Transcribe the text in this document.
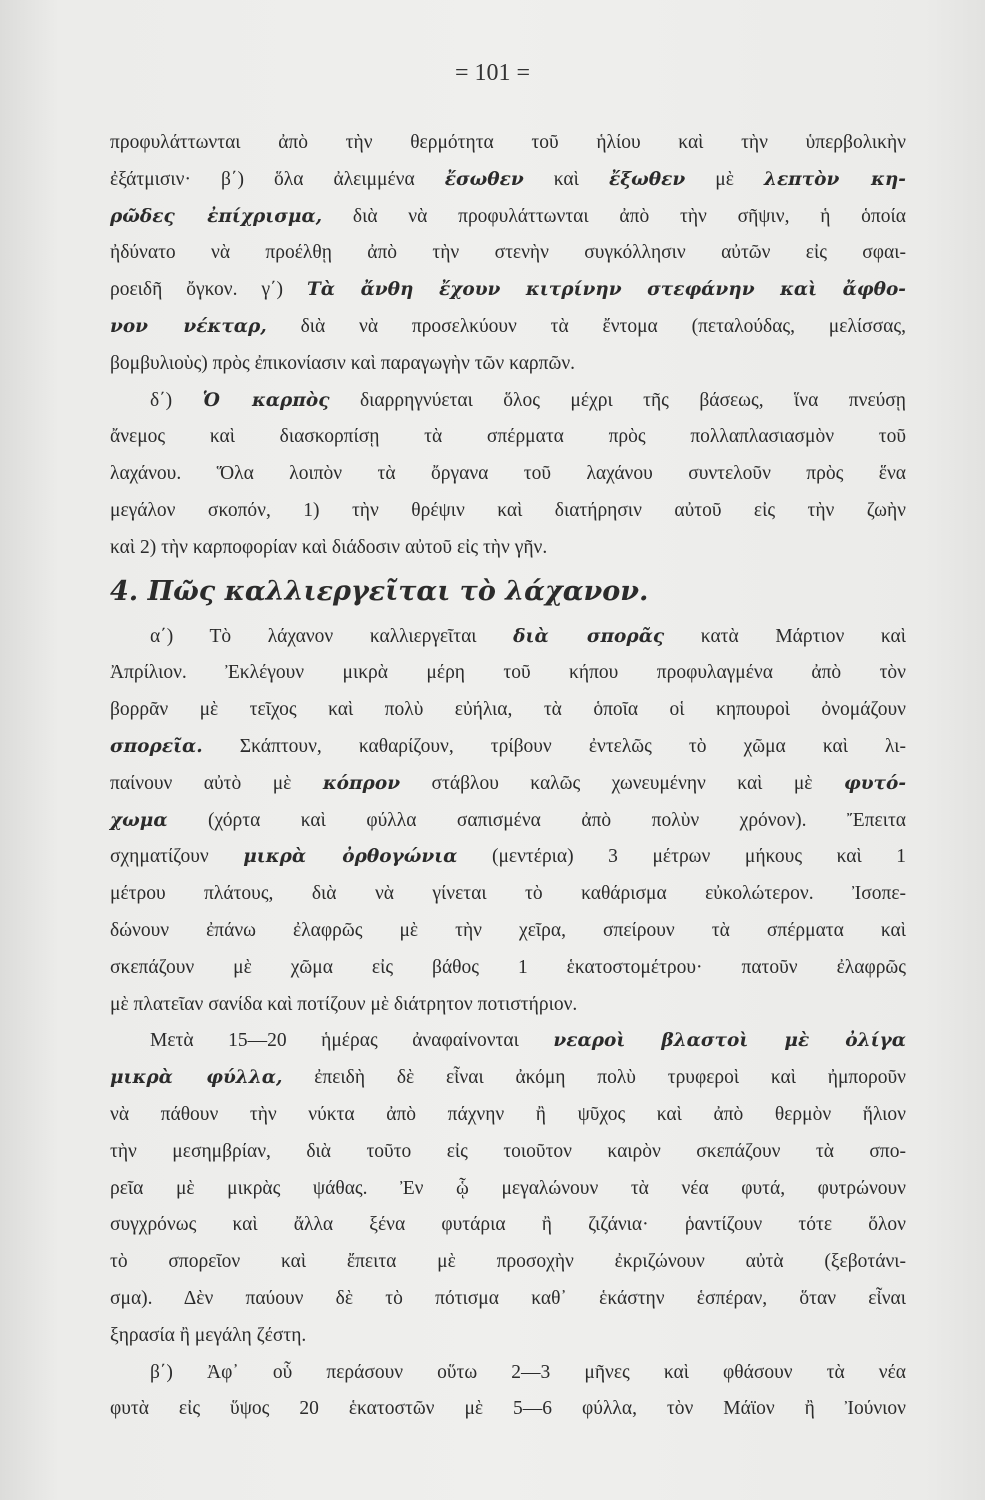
= 101 =
προφυλάττωνται ἀπὸ τὴν θερμότητα τοῦ ἡλίου καὶ τὴν ὑπερβολικὴν
ἐξάτμισιν· β΄) ὅλα ἀλειμμένα ἔσωθεν καὶ ἔξωθεν μὲ λεπτὸν κη-
ρῶδες ἐπίχρισμα, διὰ νὰ προφυλάττωνται ἀπὸ τὴν σῆψιν, ἡ ὁποία
ἠδύνατο νὰ προέλθῃ ἀπὸ τὴν στενὴν συγκόλλησιν αὐτῶν εἰς σφαι-
ροειδῆ ὄγκον. γ΄) Τὰ ἄνθη ἔχουν κιτρίνην στεφάνην καὶ ἄφθο-
νον νέκταρ, διὰ νὰ προσελκύουν τὰ ἔντομα (πεταλούδας, μελίσσας,
βομβυλιοὺς) πρὸς ἐπικονίασιν καὶ παραγωγὴν τῶν καρπῶν.
δ΄) Ὁ καρπὸς διαρρηγνύεται ὅλος μέχρι τῆς βάσεως, ἵνα πνεύσῃ
ἄνεμος καὶ διασκορπίσῃ τὰ σπέρματα πρὸς πολλαπλασιασμὸν τοῦ
λαχάνου. Ὅλα λοιπὸν τὰ ὄργανα τοῦ λαχάνου συντελοῦν πρὸς ἕνα
μεγάλον σκοπόν, 1) τὴν θρέψιν καὶ διατήρησιν αὐτοῦ εἰς τὴν ζωὴν
καὶ 2) τὴν καρποφορίαν καὶ διάδοσιν αὐτοῦ εἰς τὴν γῆν.
4. Πῶς καλλιεργεῖται τὸ λάχανον.
α΄) Τὸ λάχανον καλλιεργεῖται διὰ σπορᾶς κατὰ Μάρτιον καὶ
Ἀπρίλιον. Ἐκλέγουν μικρὰ μέρη τοῦ κήπου προφυλαγμένα ἀπὸ τὸν
βορρᾶν μὲ τεῖχος καὶ πολὺ εὐήλια, τὰ ὁποῖα οἱ κηπουροὶ ὀνομάζουν
σπορεῖα. Σκάπτουν, καθαρίζουν, τρίβουν ἐντελῶς τὸ χῶμα καὶ λι-
παίνουν αὐτὸ μὲ κόπρον στάβλου καλῶς χωνευμένην καὶ μὲ φυτό-
χωμα (χόρτα καὶ φύλλα σαπισμένα ἀπὸ πολὺν χρόνον). Ἔπειτα
σχηματίζουν μικρὰ ὀρθογώνια (μεντέρια) 3 μέτρων μήκους καὶ 1
μέτρου πλάτους, διὰ νὰ γίνεται τὸ καθάρισμα εὐκολώτερον. Ἰσοπε-
δώνουν ἐπάνω ἐλαφρῶς μὲ τὴν χεῖρα, σπείρουν τὰ σπέρματα καὶ
σκεπάζουν μὲ χῶμα εἰς βάθος 1 ἑκατοστομέτρου· πατοῦν ἐλαφρῶς
μὲ πλατεῖαν σανίδα καὶ ποτίζουν μὲ διάτρητον ποτιστήριον.
Μετὰ 15—20 ἡμέρας ἀναφαίνονται νεαροὶ βλαστοὶ μὲ ὀλίγα
μικρὰ φύλλα, ἐπειδὴ δὲ εἶναι ἀκόμη πολὺ τρυφεροὶ καὶ ἠμποροῦν
νὰ πάθουν τὴν νύκτα ἀπὸ πάχνην ἢ ψῦχος καὶ ἀπὸ θερμὸν ἥλιον
τὴν μεσημβρίαν, διὰ τοῦτο εἰς τοιοῦτον καιρὸν σκεπάζουν τὰ σπο-
ρεῖα μὲ μικρὰς ψάθας. Ἐν ᾧ μεγαλώνουν τὰ νέα φυτά, φυτρώνουν
συγχρόνως καὶ ἄλλα ξένα φυτάρια ἢ ζιζάνια· ῥαντίζουν τότε ὅλον
τὸ σπορεῖον καὶ ἔπειτα μὲ προσοχὴν ἐκριζώνουν αὐτὰ (ξεβοτάνι-
σμα). Δὲν παύουν δὲ τὸ πότισμα καθ᾽ ἑκάστην ἑσπέραν, ὅταν εἶναι
ξηρασία ἢ μεγάλη ζέστη.
β΄) Ἀφ᾽ οὗ περάσουν οὕτω 2—3 μῆνες καὶ φθάσουν τὰ νέα
φυτὰ εἰς ὕψος 20 ἑκατοστῶν μὲ 5—6 φύλλα, τὸν Μάϊον ἢ Ἰούνιον
